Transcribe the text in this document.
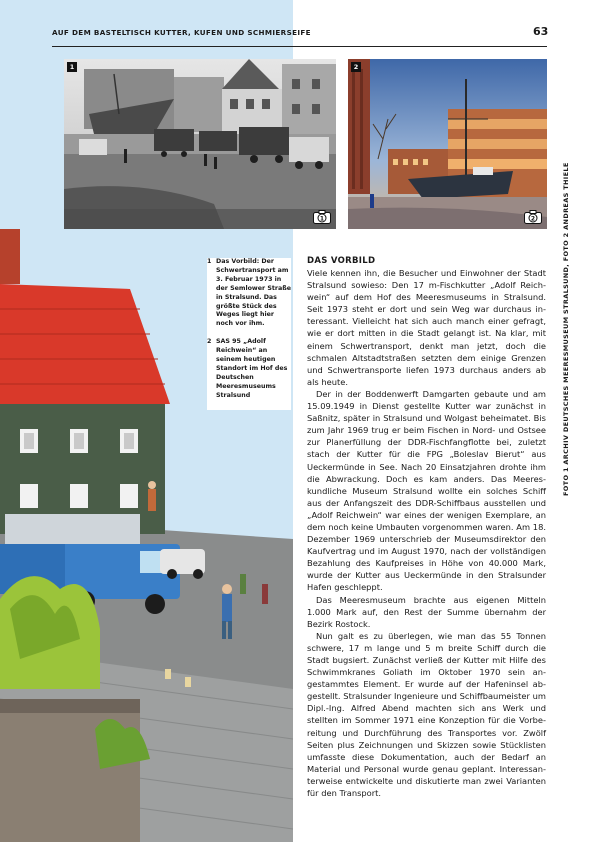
AUF DEM BASTELTISCH KUTTER, KUFEN UND SCHMIERSEIFE	63
1
1
2
2
1 Das Vorbild: Der Schwertransport am 3. Februar 1973 in der Semlower Straße in Stralsund. Das größte Stück des Weges liegt hier noch vor ihm.
2 SAS 95 „Adolf Reichwein“ an seinem heutigen Standort im Hof des Deutschen Meeresmuseums Stralsund
DAS VORBILD

Viele kennen ihn, die Besucher und Einwohner der Stadt Stralsund sowieso: Den 17 m-Fischkutter „Adolf Reichwein“ auf dem Hof des Meeresmuseums in Stralsund. Seit 1973 steht er dort und sein Weg war durchaus interessant. Vielleicht hat sich auch manch einer gefragt, wie er dort mitten in die Stadt gelangt ist. Na klar, mit einem Schwertransport, denkt man jetzt, doch die schmalen Altstadtstraßen setzten dem einige Grenzen und Schwertransporte liefen 1973 durchaus anders ab als heute.

Der in der Boddenwerft Damgarten gebaute und am 15.09.1949 in Dienst gestellte Kutter war zunächst in Saßnitz, später in Stralsund und Wolgast beheimatet. Bis zum Jahr 1969 trug er beim Fischen in Nord- und Ostsee zur Planerfüllung der DDR-Fischfangflotte bei, zuletzt stach der Kutter für die FPG „Boleslav Bierut“ aus Ueckermünde in See. Nach 20 Einsatzjahren drohte ihm die Abwrackung. Doch es kam anders. Das Meereskundliche Museum Stralsund wollte ein solches Schiff aus der Anfangszeit des DDR-Schiffbaus ausstellen und „Adolf Reichwein“ war eines der wenigen Exemplare, an dem noch keine Umbauten vorgenommen waren. Am 18. Dezember 1969 unterschrieb der Museumsdirektor den Kaufvertrag und im August 1970, nach der vollständigen Bezahlung des Kaufpreises in Höhe von 40.000 Mark, wurde der Kutter aus Ueckermünde in den Stralsunder Hafen geschleppt.

Das Meeresmuseum brachte aus eigenen Mitteln 1.000 Mark auf, den Rest der Summe übernahm der Bezirk Rostock.

Nun galt es zu überlegen, wie man das 55 Tonnen schwere, 17 m lange und 5 m breite Schiff durch die Stadt bugsiert. Zunächst verließ der Kutter mit Hilfe des Schwimmkranes Goliath im Oktober 1970 sein angestammtes Element. Er wurde auf der Hafeninsel abgestellt. Stralsunder Ingenieure und Schiffbaumeister um Dipl.-Ing. Alfred Abend machten sich ans Werk und stellten im Sommer 1971 eine Konzeption für die Vorbereitung und Durchführung des Transportes vor. Zwölf Seiten plus Zeichnungen und Skizzen sowie Stücklisten umfasste diese Dokumentation, auch der Bedarf an Material und Personal wurde genau geplant. Interessanterweise entwickelte und diskutierte man zwei Varianten für den Transport.

FOTO 1 ARCHIV DEUTSCHES MEERESMUSEUM STRALSUND, FOTO 2 ANDREAS THIELE
